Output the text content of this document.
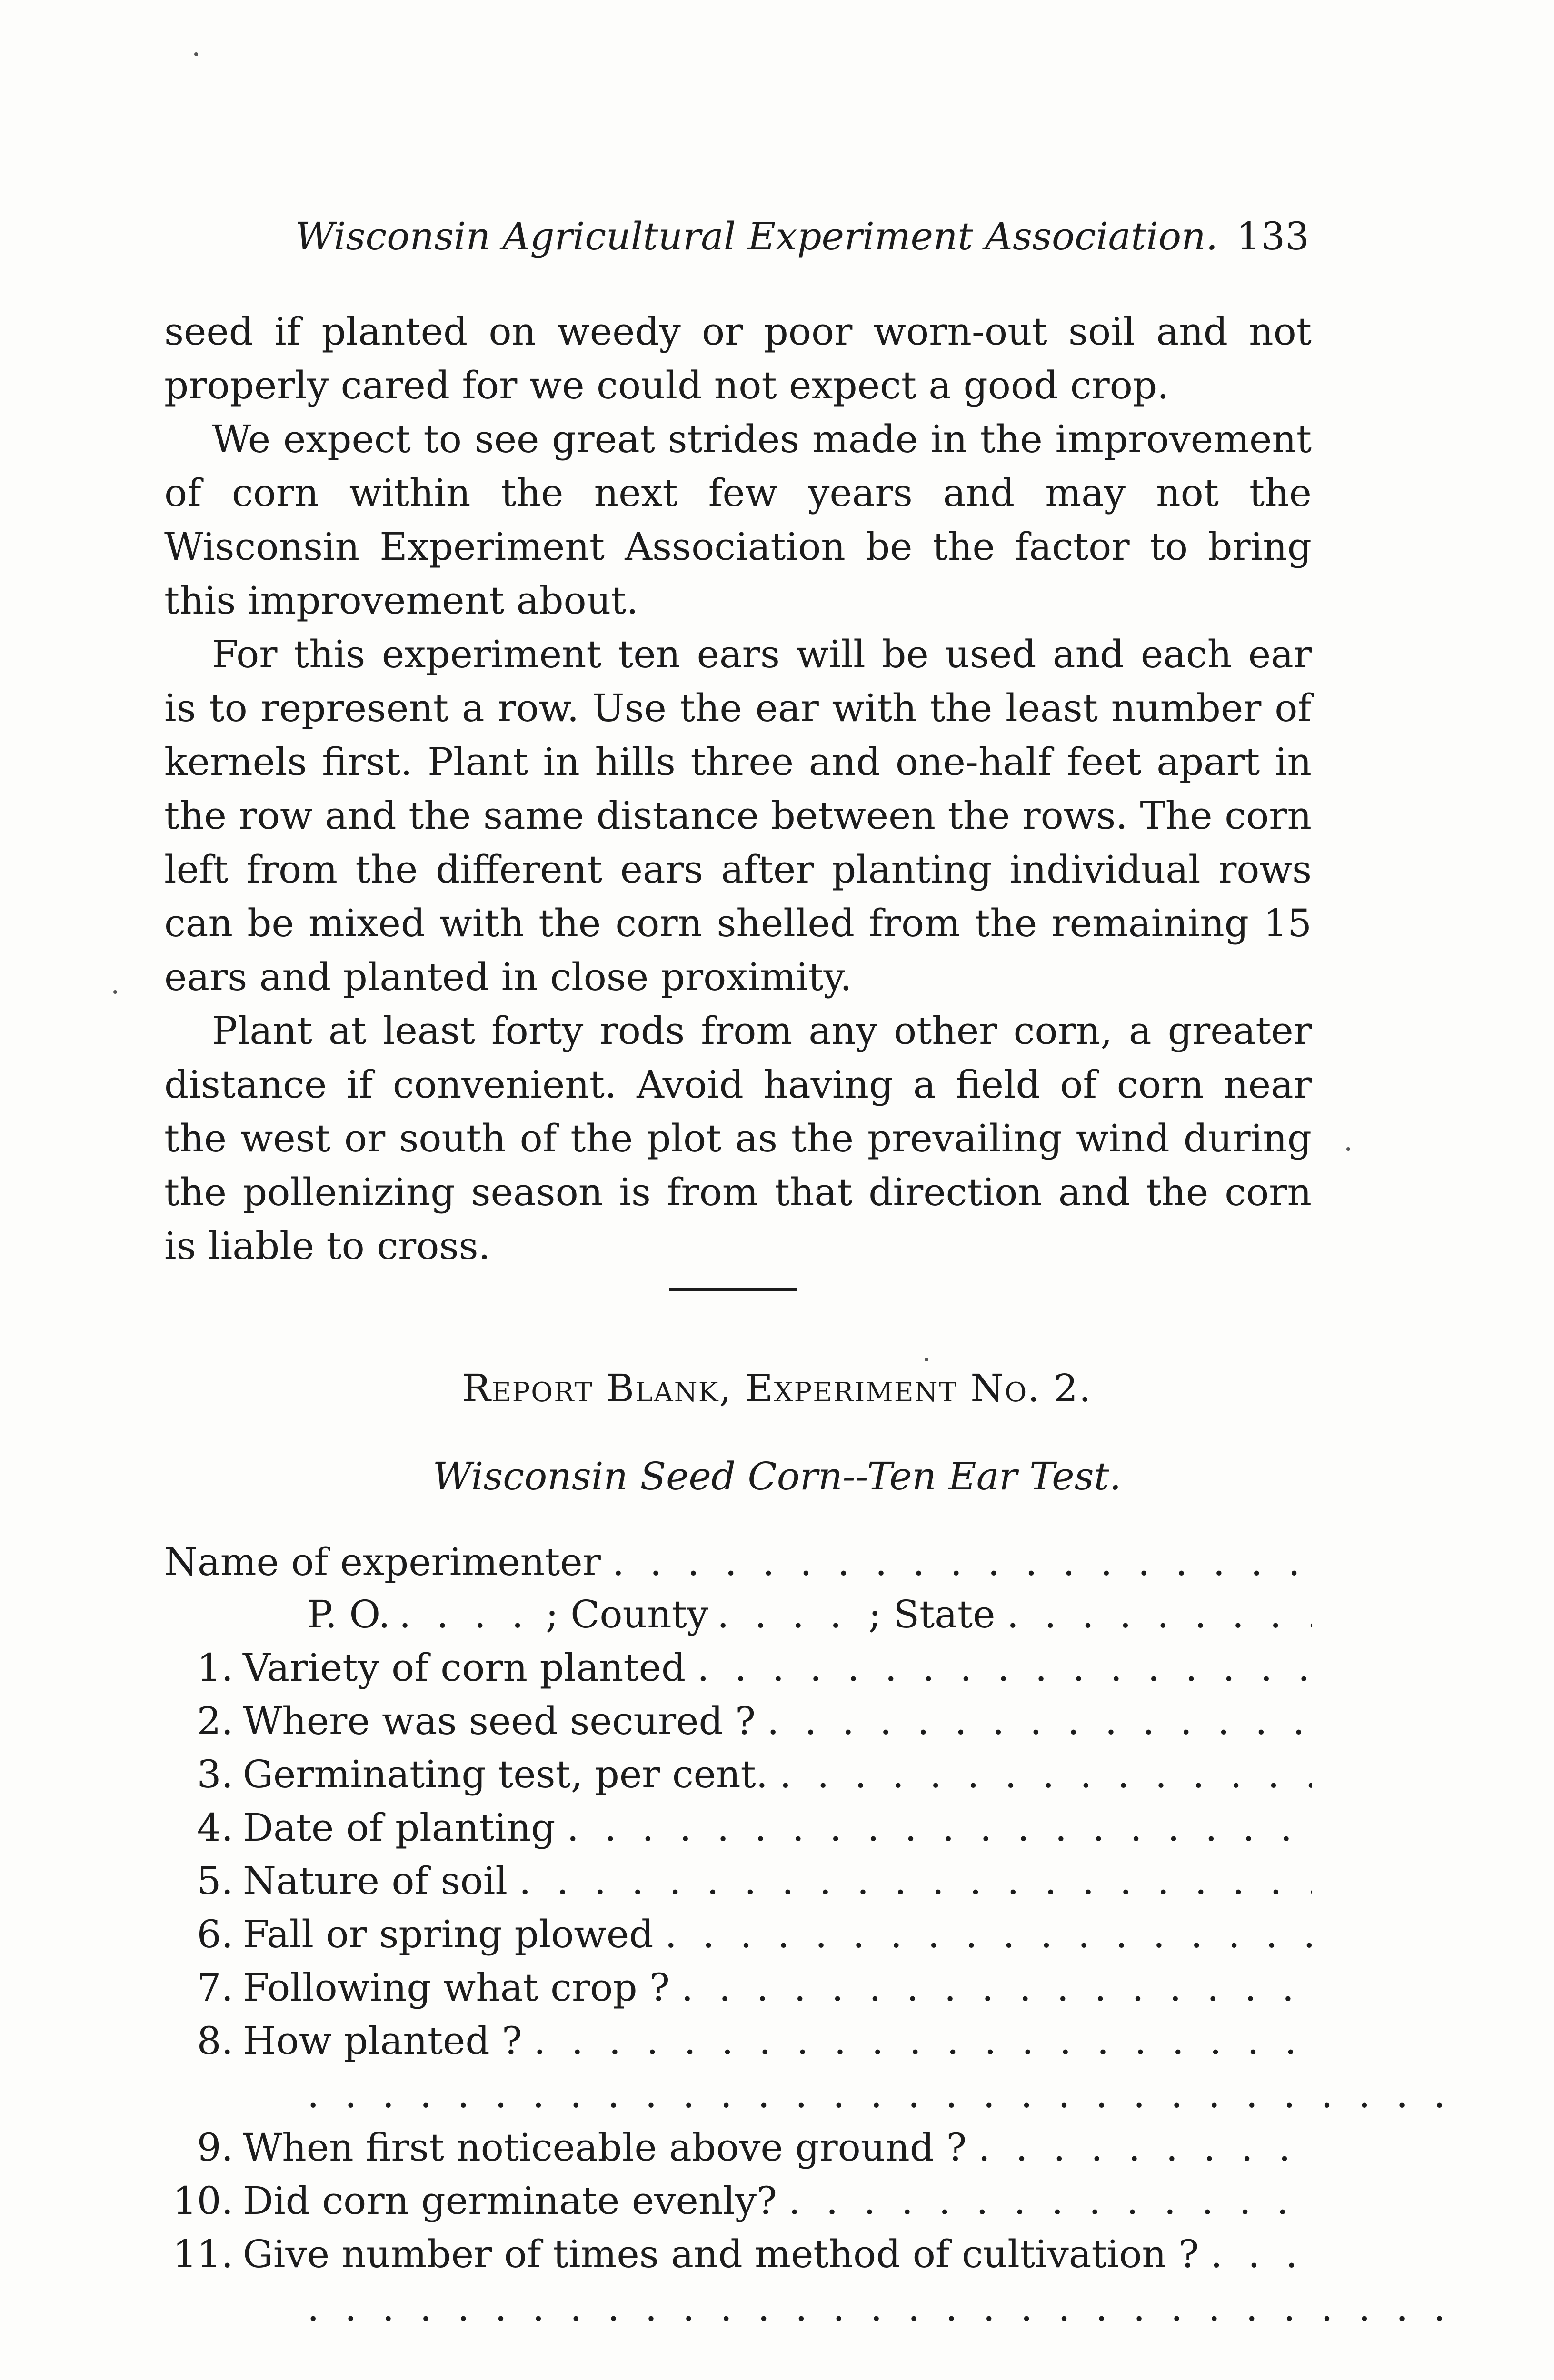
Wisconsin Agricultural Experiment Association. 133

seed if planted on weedy or poor worn-out soil and not properly cared for we could not expect a good crop.

We expect to see great strides made in the improvement of corn within the next few years and may not the Wisconsin Experiment Association be the factor to bring this improvement about.

For this experiment ten ears will be used and each ear is to represent a row. Use the ear with the least number of kernels first. Plant in hills three and one-half feet apart in the row and the same distance between the rows. The corn left from the different ears after planting individual rows can be mixed with the corn shelled from the remaining 15 ears and planted in close proximity.

Plant at least forty rods from any other corn, a greater distance if convenient. Avoid having a field of corn near the west or south of the plot as the prevailing wind during the pollenizing season is from that direction and the corn is liable to cross.

Report Blank, Experiment No. 2.
Wisconsin Seed Corn--Ten Ear Test.
Name of experimenter
. . .
P. O. . . .	; County . . .	; State
. . .
1. Variety of corn planted
. . .
2. Where was seed secured ?
. . .
3. Germinating test, per cent.
. . .
4. Date of planting
. . .
5. Nature of soil
. . .
6. Fall or spring plowed
. . .
7. Following what crop ?
. . .
8. How planted ?
. . .
. . .
9. When first noticeable above ground ?
. . .
10. Did corn germinate evenly?
. . .
11. Give number of times and method of cultivation ?
. . .
. . .
